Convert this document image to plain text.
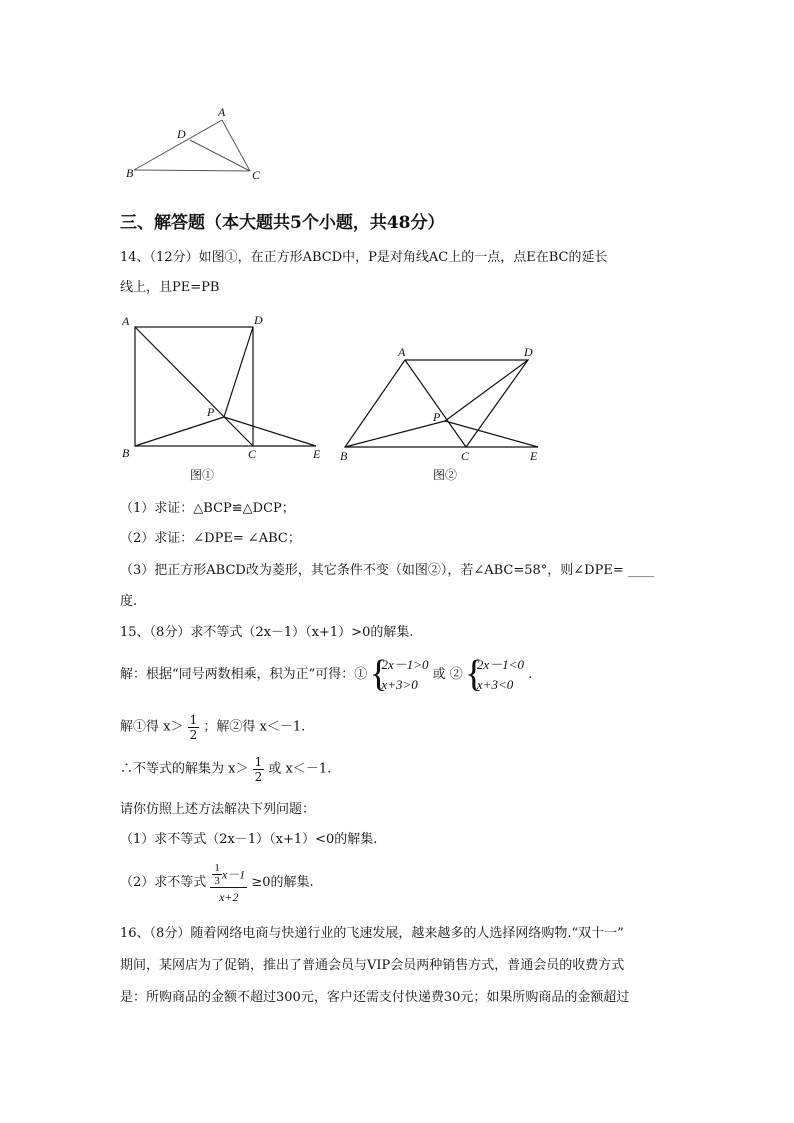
A
D
B	C
三、解答题（本大题共5个小题，共48分）
14、（12分）如图①，在正方形ABCD中，P是对角线AC上的一点，点E在BC的延长
线上，且PE=PB
A	D
P
B	C	E
图①
A	D
P
B	C	E
图②
（1）求证：△BCP≌△DCP；
（2）求证：∠DPE= ∠ABC；
（3）把正方形ABCD改为菱形，其它条件不变（如图②），若∠ABC=58°，则∠DPE= ____
度.
15、（8分）求不等式（2x－1）（x+1）>0的解集.
解：根据“同号两数相乘，积为正”可得：① {
2x－1>0
x+3>0
或 ② {
2x－1<0
x+3<0
.
解①得 $x> \frac{1}{2}$ ；解②得 x＜－1.
∴不等式的解集为 $x> \frac{1}{2}$ 或 x＜－1.
请你仿照上述方法解决下列问题：
（1）求不等式（2x－1）（x+1）<0的解集.
（2）求不等式 $\frac{\frac{1}{3} x-1}{x+2} \ge 0$的解集.
16、（8分）随着网络电商与快递行业的飞速发展，越来越多的人选择网络购物.“双十一”
期间，某网店为了促销，推出了普通会员与VIP会员两种销售方式，普通会员的收费方式
是：所购商品的金额不超过300元，客户还需支付快递费30元；如果所购商品的金额超过
